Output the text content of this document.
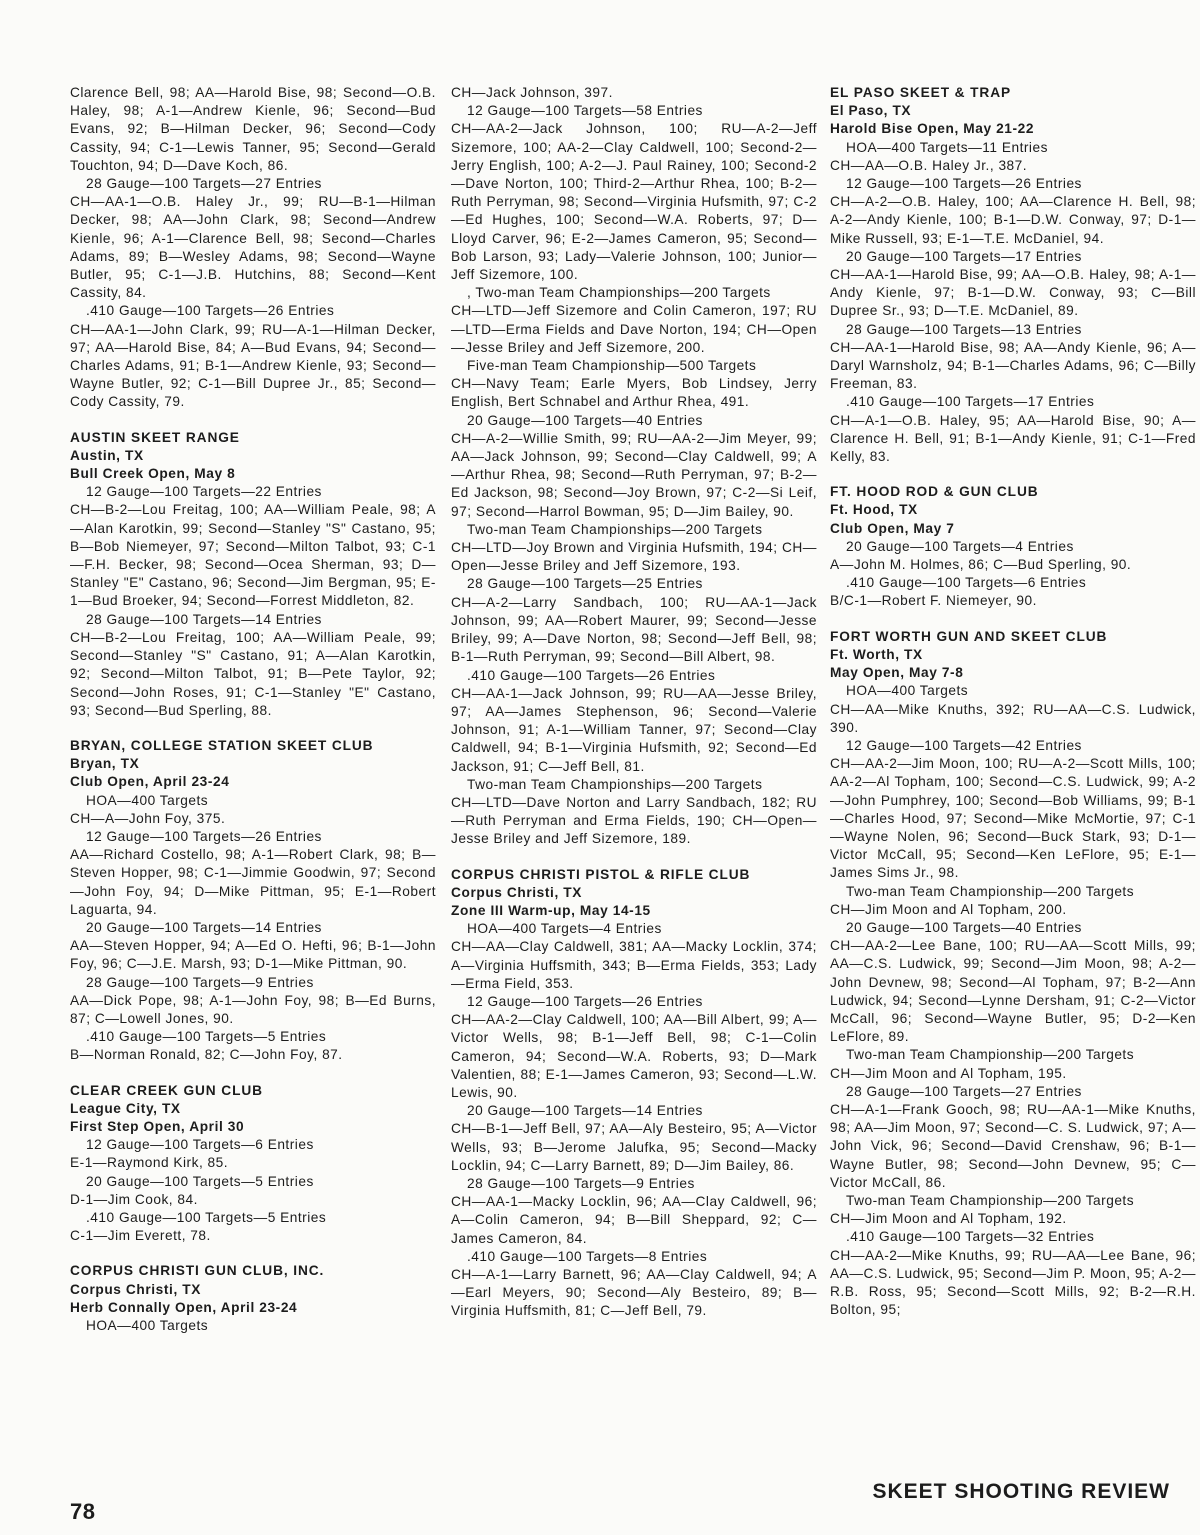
Clarence Bell, 98; AA—Harold Bise, 98; Second—O.B. Haley, 98; A-1—Andrew Kienle, 96; Second—Bud Evans, 92; B—Hilman Decker, 96; Second—Cody Cassity, 94; C-1—Lewis Tanner, 95; Second—Gerald Touchton, 94; D—Dave Koch, 86.

28 Gauge—100 Targets—27 Entries

CH—AA-1—O.B. Haley Jr., 99; RU—B-1—Hilman Decker, 98; AA—John Clark, 98; Second—Andrew Kienle, 96; A-1—Clarence Bell, 98; Second—Charles Adams, 89; B—Wesley Adams, 98; Second—Wayne Butler, 95; C-1—J.B. Hutchins, 88; Second—Kent Cassity, 84.

.410 Gauge—100 Targets—26 Entries

CH—AA-1—John Clark, 99; RU—A-1—Hilman Decker, 97; AA—Harold Bise, 84; A—Bud Evans, 94; Second—Charles Adams, 91; B-1—Andrew Kienle, 93; Second—Wayne Butler, 92; C-1—Bill Dupree Jr., 85; Second—Cody Cassity, 79.

AUSTIN SKEET RANGE

Austin, TX

Bull Creek Open, May 8

12 Gauge—100 Targets—22 Entries

CH—B-2—Lou Freitag, 100; AA—William Peale, 98; A—Alan Karotkin, 99; Second—Stanley "S" Castano, 95; B—Bob Niemeyer, 97; Second—Milton Talbot, 93; C-1—F.H. Becker, 98; Second—Ocea Sherman, 93; D—Stanley "E" Castano, 96; Second—Jim Bergman, 95; E-1—Bud Broeker, 94; Second—Forrest Middleton, 82.

28 Gauge—100 Targets—14 Entries

CH—B-2—Lou Freitag, 100; AA—William Peale, 99; Second—Stanley "S" Castano, 91; A—Alan Karotkin, 92; Second—Milton Talbot, 91; B—Pete Taylor, 92; Second—John Roses, 91; C-1—Stanley "E" Castano, 93; Second—Bud Sperling, 88.

BRYAN, COLLEGE STATION SKEET CLUB

Bryan, TX

Club Open, April 23-24

HOA—400 Targets

CH—A—John Foy, 375.

12 Gauge—100 Targets—26 Entries

AA—Richard Costello, 98; A-1—Robert Clark, 98; B—Steven Hopper, 98; C-1—Jimmie Goodwin, 97; Second—John Foy, 94; D—Mike Pittman, 95; E-1—Robert Laguarta, 94.

20 Gauge—100 Targets—14 Entries

AA—Steven Hopper, 94; A—Ed O. Hefti, 96; B-1—John Foy, 96; C—J.E. Marsh, 93; D-1—Mike Pittman, 90.

28 Gauge—100 Targets—9 Entries

AA—Dick Pope, 98; A-1—John Foy, 98; B—Ed Burns, 87; C—Lowell Jones, 90.

.410 Gauge—100 Targets—5 Entries

B—Norman Ronald, 82; C—John Foy, 87.

CLEAR CREEK GUN CLUB

League City, TX

First Step Open, April 30

12 Gauge—100 Targets—6 Entries

E-1—Raymond Kirk, 85.

20 Gauge—100 Targets—5 Entries

D-1—Jim Cook, 84.

.410 Gauge—100 Targets—5 Entries

C-1—Jim Everett, 78.

CORPUS CHRISTI GUN CLUB, INC.

Corpus Christi, TX

Herb Connally Open, April 23-24

HOA—400 Targets

CH—Jack Johnson, 397.

12 Gauge—100 Targets—58 Entries

CH—AA-2—Jack Johnson, 100; RU—A-2—Jeff Sizemore, 100; AA-2—Clay Caldwell, 100; Second-2—Jerry English, 100; A-2—J. Paul Rainey, 100; Second-2—Dave Norton, 100; Third-2—Arthur Rhea, 100; B-2—Ruth Perryman, 98; Second—Virginia Hufsmith, 97; C-2—Ed Hughes, 100; Second—W.A. Roberts, 97; D—Lloyd Carver, 96; E-2—James Cameron, 95; Second—Bob Larson, 93; Lady—Valerie Johnson, 100; Junior—Jeff Sizemore, 100.

, Two-man Team Championships—200 Targets

CH—LTD—Jeff Sizemore and Colin Cameron, 197; RU—LTD—Erma Fields and Dave Norton, 194; CH—Open—Jesse Briley and Jeff Sizemore, 200.

Five-man Team Championship—500 Targets

CH—Navy Team; Earle Myers, Bob Lindsey, Jerry English, Bert Schnabel and Arthur Rhea, 491.

20 Gauge—100 Targets—40 Entries

CH—A-2—Willie Smith, 99; RU—AA-2—Jim Meyer, 99; AA—Jack Johnson, 99; Second—Clay Caldwell, 99; A—Arthur Rhea, 98; Second—Ruth Perryman, 97; B-2—Ed Jackson, 98; Second—Joy Brown, 97; C-2—Si Leif, 97; Second—Harrol Bowman, 95; D—Jim Bailey, 90.

Two-man Team Championships—200 Targets

CH—LTD—Joy Brown and Virginia Hufsmith, 194; CH—Open—Jesse Briley and Jeff Sizemore, 193.

28 Gauge—100 Targets—25 Entries

CH—A-2—Larry Sandbach, 100; RU—AA-1—Jack Johnson, 99; AA—Robert Maurer, 99; Second—Jesse Briley, 99; A—Dave Norton, 98; Second—Jeff Bell, 98; B-1—Ruth Perryman, 99; Second—Bill Albert, 98.

.410 Gauge—100 Targets—26 Entries

CH—AA-1—Jack Johnson, 99; RU—AA—Jesse Briley, 97; AA—James Stephenson, 96; Second—Valerie Johnson, 91; A-1—William Tanner, 97; Second—Clay Caldwell, 94; B-1—Virginia Hufsmith, 92; Second—Ed Jackson, 91; C—Jeff Bell, 81.

Two-man Team Championships—200 Targets

CH—LTD—Dave Norton and Larry Sandbach, 182; RU—Ruth Perryman and Erma Fields, 190; CH—Open—Jesse Briley and Jeff Sizemore, 189.

CORPUS CHRISTI PISTOL & RIFLE CLUB

Corpus Christi, TX

Zone III Warm-up, May 14-15

HOA—400 Targets—4 Entries

CH—AA—Clay Caldwell, 381; AA—Macky Locklin, 374; A—Virginia Huffsmith, 343; B—Erma Fields, 353; Lady—Erma Field, 353.

12 Gauge—100 Targets—26 Entries

CH—AA-2—Clay Caldwell, 100; AA—Bill Albert, 99; A—Victor Wells, 98; B-1—Jeff Bell, 98; C-1—Colin Cameron, 94; Second—W.A. Roberts, 93; D—Mark Valentien, 88; E-1—James Cameron, 93; Second—L.W. Lewis, 90.

20 Gauge—100 Targets—14 Entries

CH—B-1—Jeff Bell, 97; AA—Aly Besteiro, 95; A—Victor Wells, 93; B—Jerome Jalufka, 95; Second—Macky Locklin, 94; C—Larry Barnett, 89; D—Jim Bailey, 86.

28 Gauge—100 Targets—9 Entries

CH—AA-1—Macky Locklin, 96; AA—Clay Caldwell, 96; A—Colin Cameron, 94; B—Bill Sheppard, 92; C—James Cameron, 84.

.410 Gauge—100 Targets—8 Entries

CH—A-1—Larry Barnett, 96; AA—Clay Caldwell, 94; A—Earl Meyers, 90; Second—Aly Besteiro, 89; B—Virginia Huffsmith, 81; C—Jeff Bell, 79.

EL PASO SKEET & TRAP

El Paso, TX

Harold Bise Open, May 21-22

HOA—400 Targets—11 Entries

CH—AA—O.B. Haley Jr., 387.

12 Gauge—100 Targets—26 Entries

CH—A-2—O.B. Haley, 100; AA—Clarence H. Bell, 98; A-2—Andy Kienle, 100; B-1—D.W. Conway, 97; D-1—Mike Russell, 93; E-1—T.E. McDaniel, 94.

20 Gauge—100 Targets—17 Entries

CH—AA-1—Harold Bise, 99; AA—O.B. Haley, 98; A-1—Andy Kienle, 97; B-1—D.W. Conway, 93; C—Bill Dupree Sr., 93; D—T.E. McDaniel, 89.

28 Gauge—100 Targets—13 Entries

CH—AA-1—Harold Bise, 98; AA—Andy Kienle, 96; A—Daryl Warnsholz, 94; B-1—Charles Adams, 96; C—Billy Freeman, 83.

.410 Gauge—100 Targets—17 Entries

CH—A-1—O.B. Haley, 95; AA—Harold Bise, 90; A—Clarence H. Bell, 91; B-1—Andy Kienle, 91; C-1—Fred Kelly, 83.

FT. HOOD ROD & GUN CLUB

Ft. Hood, TX

Club Open, May 7

20 Gauge—100 Targets—4 Entries

A—John M. Holmes, 86; C—Bud Sperling, 90.

.410 Gauge—100 Targets—6 Entries

B/C-1—Robert F. Niemeyer, 90.

FORT WORTH GUN AND SKEET CLUB

Ft. Worth, TX

May Open, May 7-8

HOA—400 Targets

CH—AA—Mike Knuths, 392; RU—AA—C.S. Ludwick, 390.

12 Gauge—100 Targets—42 Entries

CH—AA-2—Jim Moon, 100; RU—A-2—Scott Mills, 100; AA-2—Al Topham, 100; Second—C.S. Ludwick, 99; A-2—John Pumphrey, 100; Second—Bob Williams, 99; B-1—Charles Hood, 97; Second—Mike McMortie, 97; C-1—Wayne Nolen, 96; Second—Buck Stark, 93; D-1—Victor McCall, 95; Second—Ken LeFlore, 95; E-1—James Sims Jr., 98.

Two-man Team Championship—200 Targets

CH—Jim Moon and Al Topham, 200.

20 Gauge—100 Targets—40 Entries

CH—AA-2—Lee Bane, 100; RU—AA—Scott Mills, 99; AA—C.S. Ludwick, 99; Second—Jim Moon, 98; A-2—John Devnew, 98; Second—Al Topham, 97; B-2—Ann Ludwick, 94; Second—Lynne Dersham, 91; C-2—Victor McCall, 96; Second—Wayne Butler, 95; D-2—Ken LeFlore, 89.

Two-man Team Championship—200 Targets

CH—Jim Moon and Al Topham, 195.

28 Gauge—100 Targets—27 Entries

CH—A-1—Frank Gooch, 98; RU—AA-1—Mike Knuths, 98; AA—Jim Moon, 97; Second—C. S. Ludwick, 97; A—John Vick, 96; Second—David Crenshaw, 96; B-1—Wayne Butler, 98; Second—John Devnew, 95; C—Victor McCall, 86.

Two-man Team Championship—200 Targets

CH—Jim Moon and Al Topham, 192.

.410 Gauge—100 Targets—32 Entries

CH—AA-2—Mike Knuths, 99; RU—AA—Lee Bane, 96; AA—C.S. Ludwick, 95; Second—Jim P. Moon, 95; A-2—R.B. Ross, 95; Second—Scott Mills, 92; B-2—R.H. Bolton, 95;

78
SKEET SHOOTING REVIEW
